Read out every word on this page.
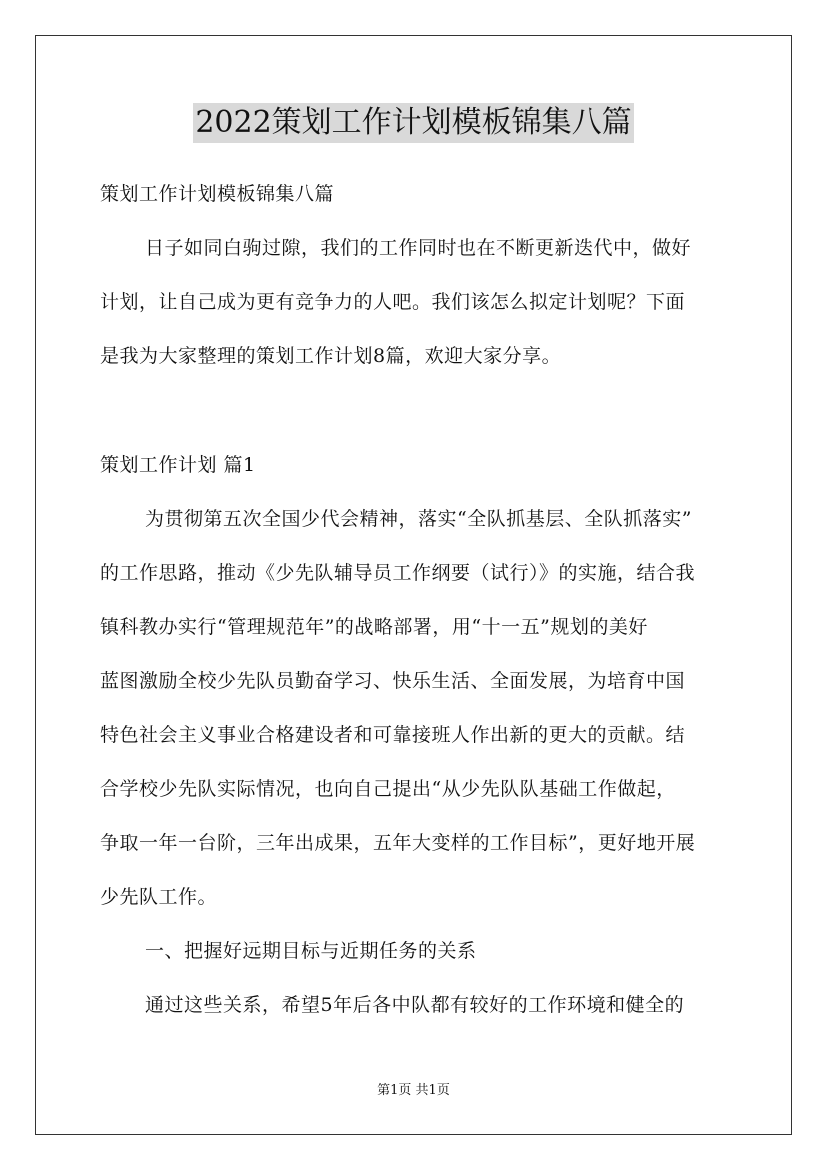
2022策划工作计划模板锦集八篇
策划工作计划模板锦集八篇
日子如同白驹过隙，我们的工作同时也在不断更新迭代中，做好
计划，让自己成为更有竞争力的人吧。我们该怎么拟定计划呢？下面
是我为大家整理的策划工作计划8篇，欢迎大家分享。
策划工作计划 篇1
为贯彻第五次全国少代会精神，落实“全队抓基层、全队抓落实”
的工作思路，推动《少先队辅导员工作纲要（试行）》的实施，结合我
镇科教办实行“管理规范年”的战略部署，用“十一五”规划的美好
蓝图激励全校少先队员勤奋学习、快乐生活、全面发展，为培育中国
特色社会主义事业合格建设者和可靠接班人作出新的更大的贡献。结
合学校少先队实际情况，也向自己提出“从少先队队基础工作做起，
争取一年一台阶，三年出成果，五年大变样的工作目标”，更好地开展
少先队工作。
一、把握好远期目标与近期任务的关系
通过这些关系，希望5年后各中队都有较好的工作环境和健全的
第1页 共1页
